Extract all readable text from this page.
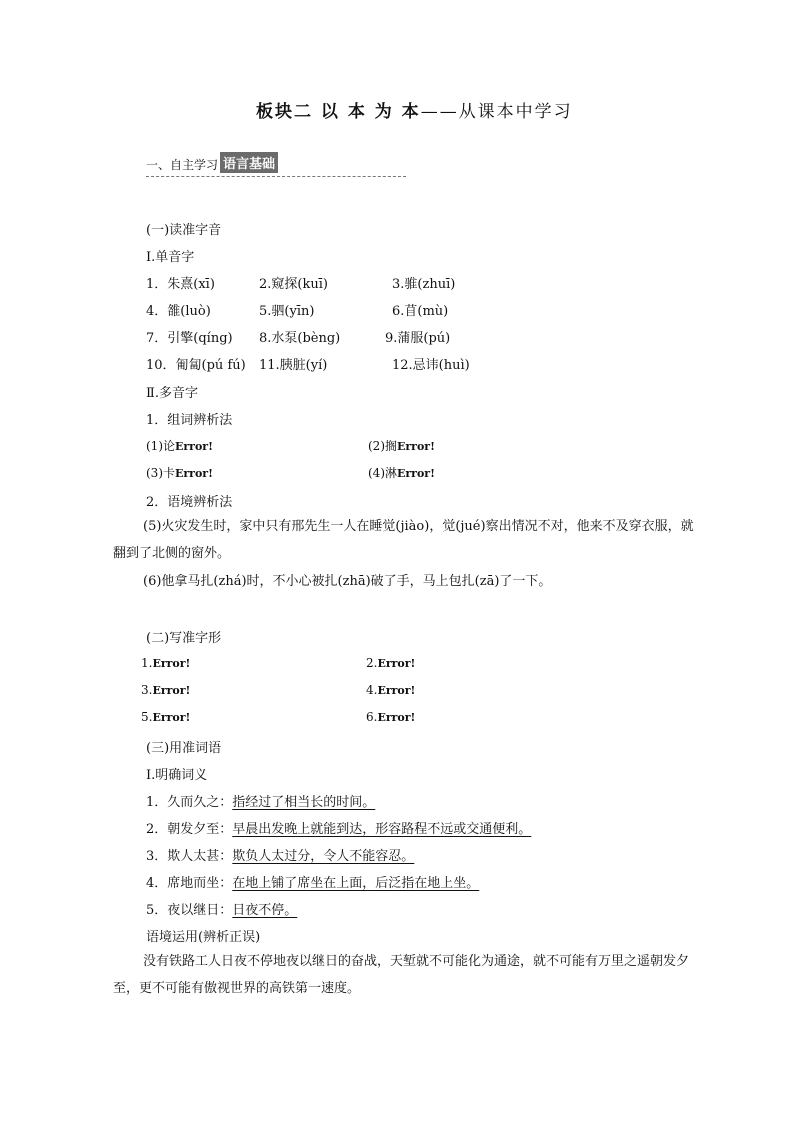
板块二 以 本 为 本——从课本中学习
一、自主学习 语言基础
(一)读准字音
Ⅰ.单音字
1．朱熹(xī)	2.窥探(kuī)	3.骓(zhuī)
4．雒(luò)	5.驷(yīn)	6.苜(mù)
7．引擎(qíng) 8.水泵(bèng)	9.蒲服(pú)
10．匍匐(pú fú) 11.胰脏(yí)	12.忌讳(huì)
Ⅱ.多音字
1．组词辨析法
(1)论Error!	(2)搁Error!
(3)卡Error!	(4)淋Error!
2．语境辨析法
(5)火灾发生时，家中只有邢先生一人在睡觉(jiào)，觉(jué)察出情况不对，他来不及穿衣服，就翻到了北侧的窗外。
(6)他拿马扎(zhá)时，不小心被扎(zhā)破了手，马上包扎(zā)了一下。
(二)写准字形
1.Error!	2.Error!
3.Error!	4.Error!
5.Error!	6.Error!
(三)用准词语
Ⅰ.明确词义
1．久而久之：指经过了相当长的时间。
2．朝发夕至：早晨出发晚上就能到达，形容路程不远或交通便利。
3．欺人太甚：欺负人太过分，令人不能容忍。
4．席地而坐：在地上铺了席坐在上面，后泛指在地上坐。
5．夜以继日：日夜不停。
语境运用(辨析正误)
没有铁路工人日夜不停地夜以继日的奋战，天堑就不可能化为通途，就不可能有万里之遥朝发夕至，更不可能有傲视世界的高铁第一速度。
